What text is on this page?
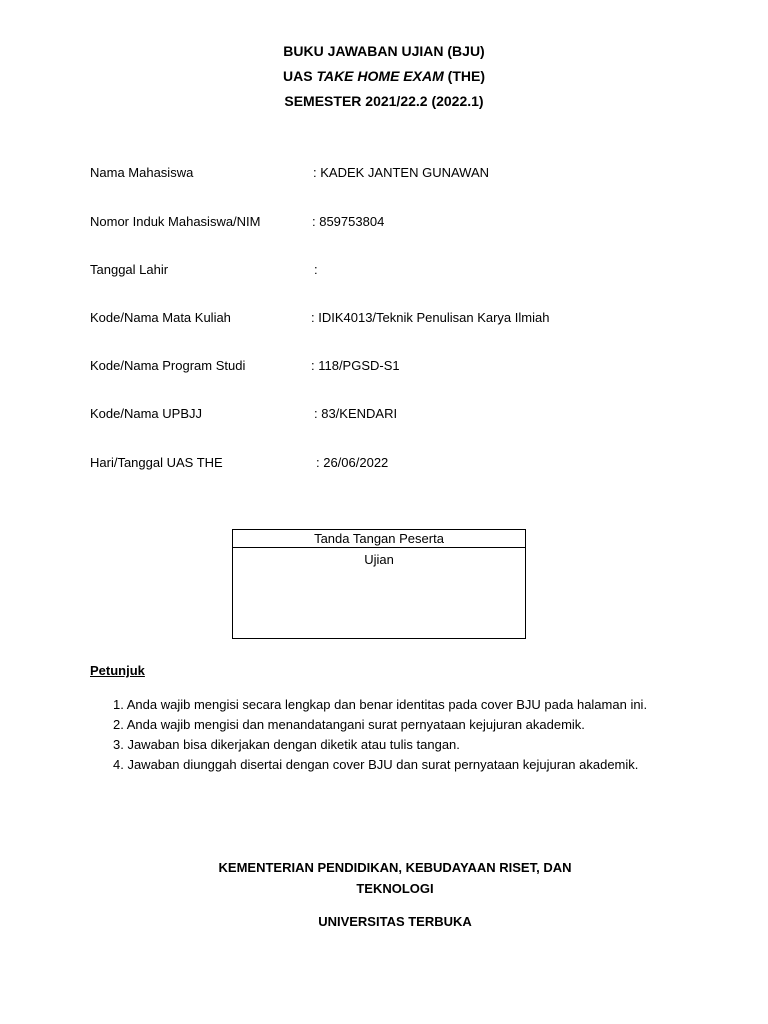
BUKU JAWABAN UJIAN (BJU)
UAS TAKE HOME EXAM (THE)
SEMESTER 2021/22.2 (2022.1)
Nama Mahasiswa	: KADEK JANTEN GUNAWAN
Nomor Induk Mahasiswa/NIM	: 859753804
Tanggal Lahir	:
Kode/Nama Mata Kuliah	: IDIK4013/Teknik Penulisan Karya Ilmiah
Kode/Nama Program Studi	: 118/PGSD-S1
Kode/Nama UPBJJ	: 83/KENDARI
Hari/Tanggal UAS THE	: 26/06/2022
Tanda Tangan Peserta
Ujian
Petunjuk
1. Anda wajib mengisi secara lengkap dan benar identitas pada cover BJU pada halaman ini.
2. Anda wajib mengisi dan menandatangani surat pernyataan kejujuran akademik.
3. Jawaban bisa dikerjakan dengan diketik atau tulis tangan.
4. Jawaban diunggah disertai dengan cover BJU dan surat pernyataan kejujuran akademik.
KEMENTERIAN PENDIDIKAN, KEBUDAYAAN RISET, DAN
TEKNOLOGI
UNIVERSITAS TERBUKA
